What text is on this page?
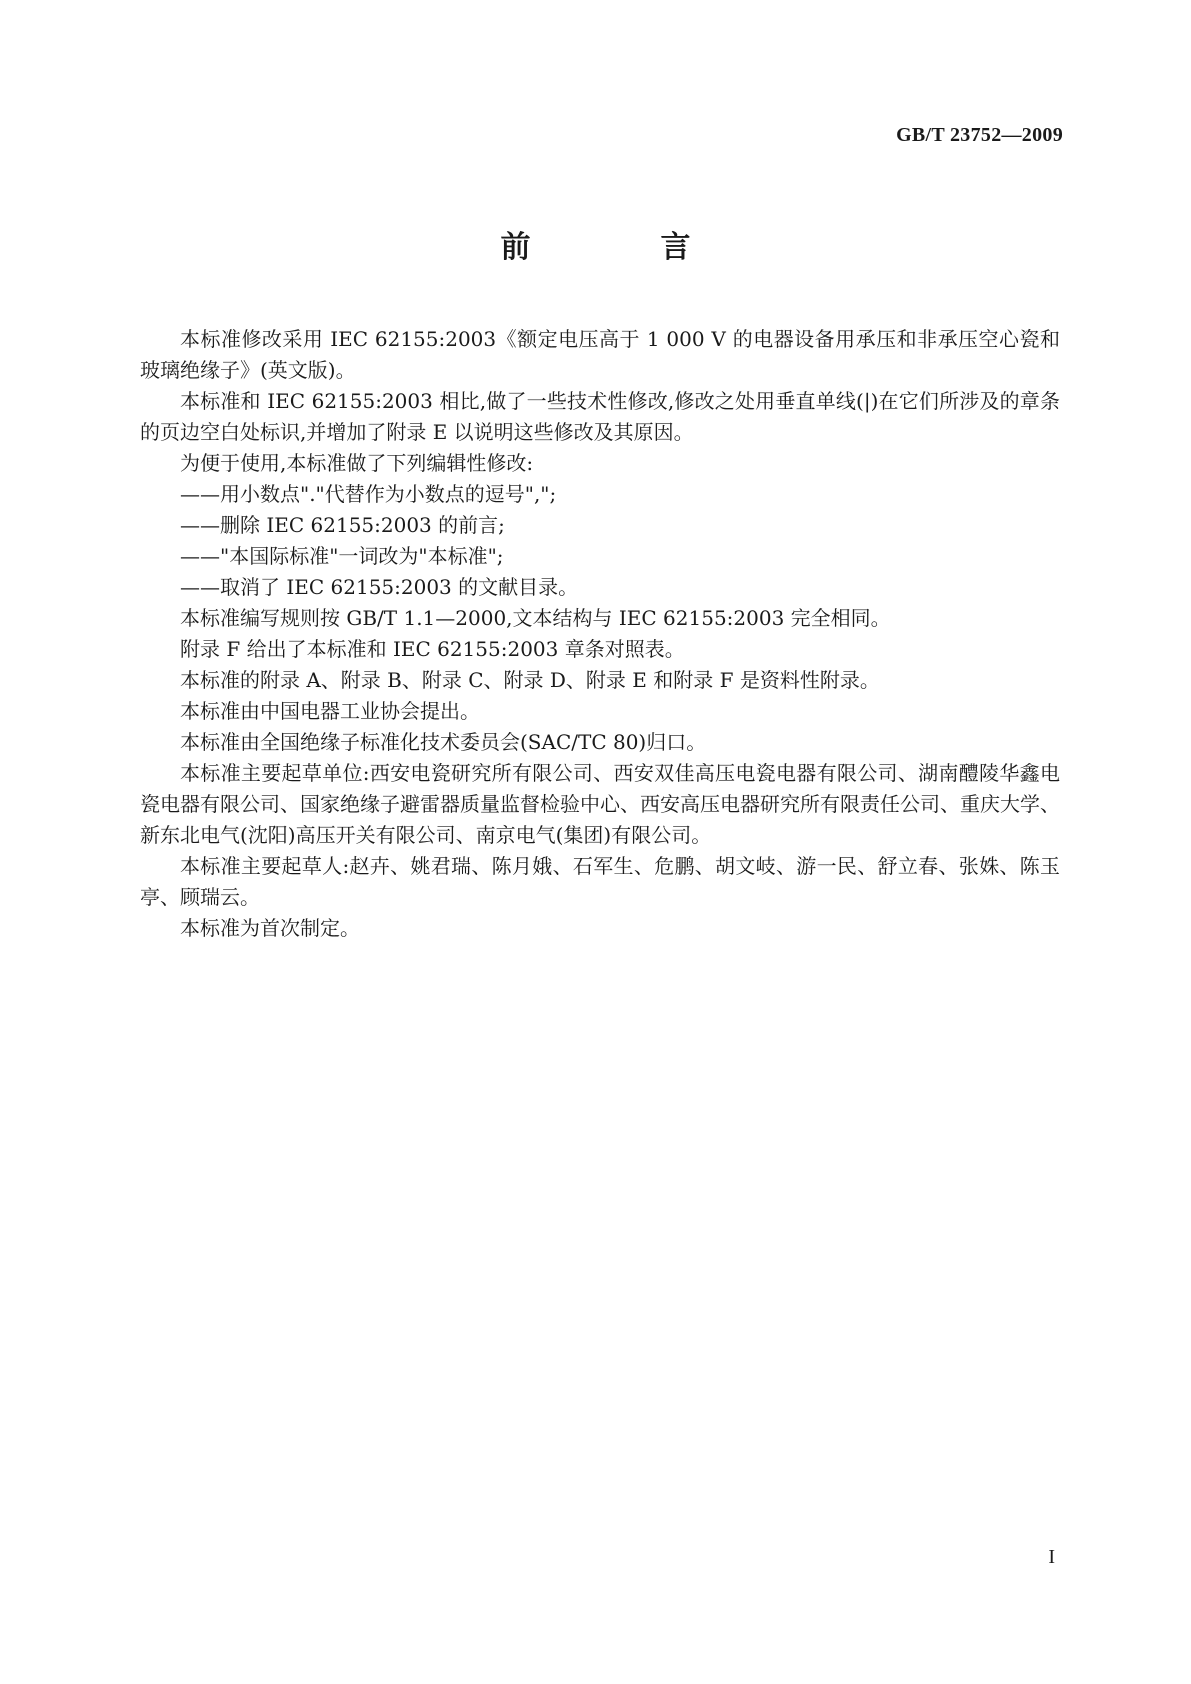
GB/T 23752—2009
前　言

本标准修改采用 IEC 62155:2003《额定电压高于 1 000 V 的电器设备用承压和非承压空心瓷和玻璃绝缘子》(英文版)。

本标准和 IEC 62155:2003 相比,做了一些技术性修改,修改之处用垂直单线(|)在它们所涉及的章条的页边空白处标识,并增加了附录 E 以说明这些修改及其原因。

为便于使用,本标准做了下列编辑性修改:

——用小数点"."代替作为小数点的逗号",";

——删除 IEC 62155:2003 的前言;

——"本国际标准"一词改为"本标准";

——取消了 IEC 62155:2003 的文献目录。

本标准编写规则按 GB/T 1.1—2000,文本结构与 IEC 62155:2003 完全相同。

附录 F 给出了本标准和 IEC 62155:2003 章条对照表。

本标准的附录 A、附录 B、附录 C、附录 D、附录 E 和附录 F 是资料性附录。

本标准由中国电器工业协会提出。

本标准由全国绝缘子标准化技术委员会(SAC/TC 80)归口。

本标准主要起草单位:西安电瓷研究所有限公司、西安双佳高压电瓷电器有限公司、湖南醴陵华鑫电瓷电器有限公司、国家绝缘子避雷器质量监督检验中心、西安高压电器研究所有限责任公司、重庆大学、新东北电气(沈阳)高压开关有限公司、南京电气(集团)有限公司。

本标准主要起草人:赵卉、姚君瑞、陈月娥、石军生、危鹏、胡文岐、游一民、舒立春、张姝、陈玉亭、顾瑞云。

本标准为首次制定。

I
